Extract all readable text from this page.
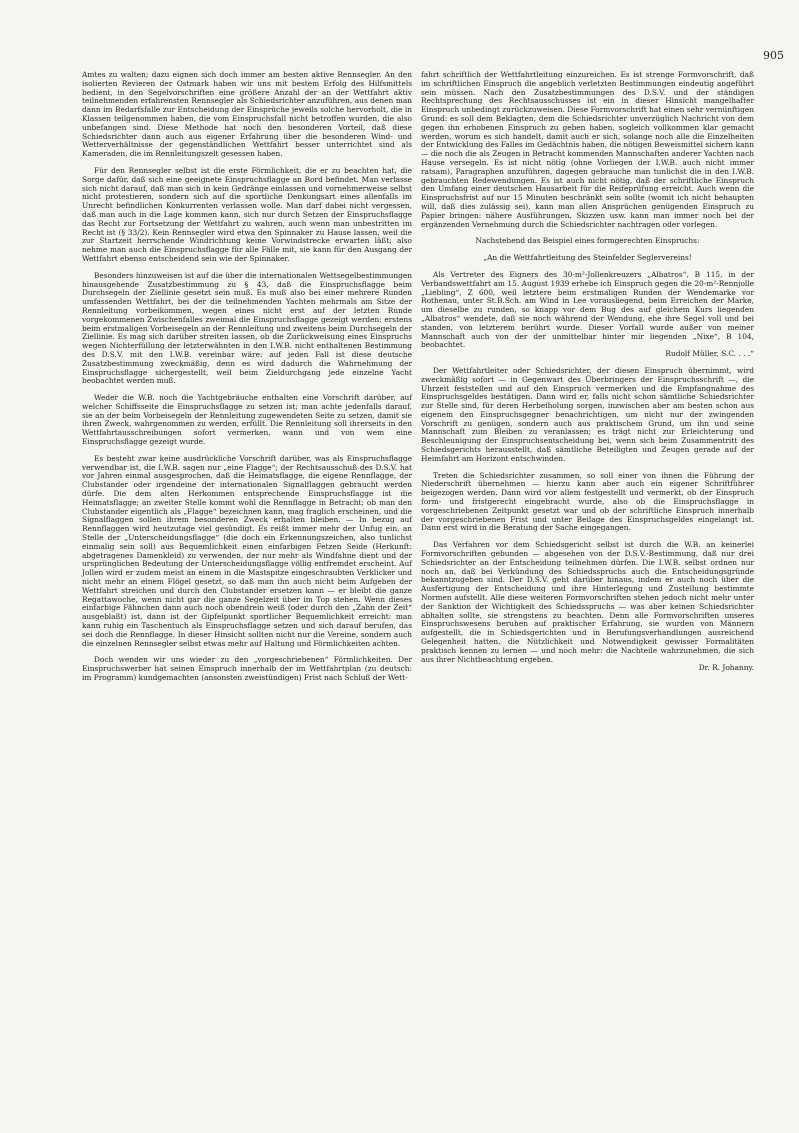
905

Amtes zu walten; dazu eignen sich doch immer am besten aktive Rennsegler. An den isolierten Revieren der Ostmark haben wir uns mit bestem Erfolg des Hilfsmittels bedient, in den Segelvorschriften eine größere Anzahl der an der Wettfahrt aktiv teilnehmenden erfahrensten Rennsegler als Schiedsrichter anzuführen, aus denen man dann im Bedarfsfalle zur Entscheidung der Einsprüche jeweils solche hervorholt, die in Klassen teilgenommen haben, die vom Einspruchsfall nicht betroffen wurden, die also unbefangen sind. Diese Methode hat noch den besonderen Vorteil, daß diese Schiedsrichter dann auch aus eigener Erfahrung über die besonderen Wind- und Wetterverhältnisse der gegenständlichen Wettfahrt besser unterrichtet sind als Kameraden, die im Rennleitungszelt gesessen haben.

Für den Rennsegler selbst ist die erste Förmlichkeit, die er zu beachten hat, die Sorge dafür, daß sich eine geeignete Einspruchsflagge an Bord befindet. Man verlasse sich nicht darauf, daß man sich in kein Gedränge einlassen und vornehmerweise selbst nicht protestieren, sondern sich auf die sportliche Denkungsart eines allenfalls im Unrecht befindlichen Konkurrenten verlassen wolle. Man darf dabei nicht vergessen, daß man auch in die Lage kommen kann, sich nur durch Setzen der Einspruchsflagge das Recht zur Fortsetzung der Wettfahrt zu wahren, auch wenn man unbestritten im Recht ist (§ 33/2). Kein Rennsegler wird etwa den Spinnaker zu Hause lassen, weil die zur Startzeit herrschende Windrichtung keine Vorwindstrecke erwarten läßt; also nehme man auch die Einspruchsflagge für alle Fälle mit, sie kann für den Ausgang der Wettfahrt ebenso entscheidend sein wie der Spinnaker.

Besonders hinzuweisen ist auf die über die internationalen Wettsegelbestimmungen hinausgehende Zusatzbestimmung zu § 43, daß die Einspruchsflagge beim Durchsegeln der Ziellinie gesetzt sein muß. Es muß also bei einer mehrere Runden umfassenden Wettfahrt, bei der die teilnehmenden Yachten mehrmals am Sitze der Rennleitung vorbeikommen, wegen eines nicht erst auf der letzten Runde vorgekommenen Zwischenfalles zweimal die Einspruchsflagge gezeigt werden: erstens beim erstmaligen Vorbeisegeln an der Rennleitung und zweitens beim Durchsegeln der Ziellinie. Es mag sich darüber streiten lassen, ob die Zurückweisung eines Einspruchs wegen Nichterfüllung der letzterwähnten in den I.W.B. nicht enthaltenen Bestimmung des D.S.V. mit den I.W.B. vereinbar wäre: auf jeden Fall ist diese deutsche Zusatzbestimmung zweckmäßig, denn es wird dadurch die Wahrnehmung der Einspruchsflagge sichergestellt, weil beim Zieldurchgang jede einzelne Yacht beobachtet werden muß.

Weder die W.B. noch die Yachtgebräuche enthalten eine Vorschrift darüber, auf welcher Schiffsseite die Einspruchsflagge zu setzen ist; man achte jedenfalls darauf, sie an der beim Vorbeisegeln der Rennleitung zugewendeten Seite zu setzen, damit sie ihren Zweck, wahrgenommen zu werden, erfüllt. Die Rennleitung soll ihrerseits in den Wettfahrtausschreibungen sofort vermerken, wann und von wem eine Einspruchsflagge gezeigt wurde.

Es besteht zwar keine ausdrückliche Vorschrift darüber, was als Einspruchsflagge verwendbar ist, die I.W.B. sagen nur „eine Flagge“; der Rechtsausschuß des D.S.V. hat vor Jahren einmal ausgesprochen, daß die Heimatsflagge, die eigene Rennflagge, der Clubstander oder irgendeine der internationalen Signalflaggen gebraucht werden dürfe. Die dem alten Herkommen entsprechende Einspruchsflagge ist die Heimatsflagge; an zweiter Stelle kommt wohl die Rennflagge in Betracht; ob man den Clubstander eigentlich als „Flagge“ bezeichnen kann, mag fraglich erscheinen, und die Signalflaggen sollen ihrem besonderen Zweck erhalten bleiben. — In bezug auf Rennflaggen wird heutzutage viel gesündigt. Es reißt immer mehr der Unfug ein, an Stelle der „Unterscheidungsflagge“ (die doch ein Erkennungszeichen, also tunlichst einmalig sein soll) aus Bequemlichkeit einen einfarbigen Fetzen Seide (Herkunft: abgetragenes Damenkleid) zu verwenden, der nur mehr als Windfahne dient und der ursprünglichen Bedeutung der Unterscheidungsflagge völlig entfremdet erscheint. Auf Jollen wird er zudem meist an einem in die Mastspitze eingeschraubten Verklicker und nicht mehr an einem Flögel gesetzt, so daß man ihn auch nicht beim Aufgeben der Wettfahrt streichen und durch den Clubstander ersetzen kann — er bleibt die ganze Regattawoche, wenn nicht gar die ganze Segelzeit über im Top stehen. Wenn dieses einfarbige Fähnchen dann auch noch obendrein weiß (oder durch den „Zahn der Zeit“ ausgeblaßt) ist, dann ist der Gipfelpunkt sportlicher Bequemlichkeit erreicht: man kann ruhig ein Taschentuch als Einspruchsflagge setzen und sich darauf berufen, das sei doch die Rennflagge. In dieser Hinsicht sollten nicht nur die Vereine, sondern auch die einzelnen Rennsegler selbst etwas mehr auf Haltung und Förmlichkeiten achten.

Doch wenden wir uns wieder zu den „vorgeschriebenen“ Förmlichkeiten. Der Einspruchswerber hat seinen Einspruch innerhalb der im Wettfahrtplan (zu deutsch: im Programm) kundgemachten (ansonsten zweistündigen) Frist nach Schluß der Wett-

fahrt schriftlich der Wettfahrtleitung einzureichen. Es ist strenge Formvorschrift, daß im schriftlichen Einspruch die angeblich verletzten Bestimmungen eindeutig angeführt sein müssen. Nach den Zusatzbestimmungen des D.S.V. und der ständigen Rechtsprechung des Rechtsausschusses ist ein in dieser Hinsicht mangelhafter Einspruch unbedingt zurückzuweisen. Diese Formvorschrift hat einen sehr vernünftigen Grund: es soll dem Beklagten, dem die Schiedsrichter unverzüglich Nachricht von dem gegen ihn erhobenen Einspruch zu geben haben, sogleich vollkommen klar gemacht werden, worum es sich handelt, damit auch er sich, solange noch alle die Einzelheiten der Entwicklung des Falles im Gedächtnis haben, die nötigen Beweismittel sichern kann — die noch die als Zeugen in Betracht kommenden Mannschaften anderer Yachten nach Hause versegeln. Es ist nicht nötig (ohne Vorliegen der I.W.B. auch nicht immer ratsam), Paragraphen anzuführen, dagegen gebrauche man tunlichst die in den I.W.B. gebrauchten Redewendungen. Es ist auch nicht nötig, daß der schriftliche Einspruch den Umfang einer deutschen Hausarbeit für die Reifeprüfung erreicht. Auch wenn die Einspruchsfrist auf nur 15 Minuten beschränkt sein sollte (womit ich nicht behaupten will, daß dies zulässig sei), kann man allen Ansprüchen genügenden Einspruch zu Papier bringen: nähere Ausführungen, Skizzen usw. kann man immer noch bei der ergänzenden Vernehmung durch die Schiedsrichter nachtragen oder vorlegen.

Nachstehend das Beispiel eines formgerechten Einspruchs:

„An die Wettfahrtleitung des Steinfelder Seglervereins!

Als Vertreter des Eigners des 30-m²-Jollenkreuzers „Albatros“, B 115, in der Verbandswettfahrt am 15. August 1939 erhebe ich Einspruch gegen die 20-m²-Rennjolle „Liebling“, Z 600, weil letztere beim erstmaligen Runden der Wendemarke vor Rothenau, unter St.B.Sch. am Wind in Lee vorausliegend, beim Erreichen der Marke, um dieselbe zu runden, so knapp vor dem Bug des auf gleichem Kurs liegenden „Albatros“ wendete, daß sie noch während der Wendung, ehe ihre Segel voll und bei standen, von letzterem berührt wurde. Dieser Vorfall wurde außer von meiner Mannschaft auch von der der unmittelbar hinter mir liegenden „Nixe“, B 104, beobachtet.

Rudolf Müller, S.C. . . .“

Der Wettfahrtleiter oder Schiedsrichter, der diesen Einspruch übernimmt, wird zweckmäßig sofort — in Gegenwart des Überbringers der Einspruchsschrift —, die Uhrzeit feststellen und auf den Einspruch vermerken und die Empfangnahme des Einspruchsgeldes bestätigen. Dann wird er, falls nicht schon sämtliche Schiedsrichter zur Stelle sind, für deren Herbeiholung sorgen, inzwischen aber am besten schon aus eigenem den Einspruchsgegner benachrichtigen, um nicht nur der zwingenden Vorschrift zu genügen, sondern auch aus praktischem Grund, um ihn und seine Mannschaft zum Bleiben zu veranlassen; es trägt nicht zur Erleichterung und Beschleunigung der Einspruchsentscheidung bei, wenn sich beim Zusammentritt des Schiedsgerichts herausstellt, daß sämtliche Beteiligten und Zeugen gerade auf der Heimfahrt am Horizont entschwinden.

Treten die Schiedsrichter zusammen, so soll einer von ihnen die Führung der Niederschrift übernehmen — hierzu kann aber auch ein eigener Schriftführer beigezogen werden. Dann wird vor allem festgestellt und vermerkt, ob der Einspruch form- und fristgerecht eingebracht wurde, also ob die Einspruchsflagge in vorgeschriebenen Zeitpunkt gesetzt war und ob der schriftliche Einspruch innerhalb der vorgeschriebenen Frist und unter Beilage des Einspruchsgeldes eingelangt ist. Dann erst wird in die Beratung der Sache eingegangen.

Das Verfahren vor dem Schiedsgericht selbst ist durch die W.B. an keinerlei Formvorschriften gebunden — abgesehen von der D.S.V.-Bestimmung, daß nur drei Schiedsrichter an der Entscheidung teilnehmen dürfen. Die I.W.B. selbst ordnen nur noch an, daß bei Verkündung des Schiedsspruchs auch die Entscheidungsgründe bekanntzugeben sind. Der D.S.V. geht darüber hinaus, indem er auch noch über die Ausfertigung der Entscheidung und ihre Hinterlegung und Zustellung bestimmte Normen aufstellt. Alle diese weiteren Formvorschriften stehen jedoch nicht mehr unter der Sanktion der Wichtigkeit des Schiedsspruchs — was aber keinen Schiedsrichter abhalten sollte, sie strengstens zu beachten. Denn alle Formvorschriften unseres Einspruchswesens beruhen auf praktischer Erfahrung, sie wurden von Männern aufgestellt, die in Schiedsgerichten und in Berufungsverhandlungen ausreichend Gelegenheit hatten, die Nützlichkeit und Notwendigkeit gewisser Formalitäten praktisch kennen zu lernen — und noch mehr: die Nachteile wahrzunehmen, die sich aus ihrer Nichtbeachtung ergeben.

Dr. R. Johanny.
